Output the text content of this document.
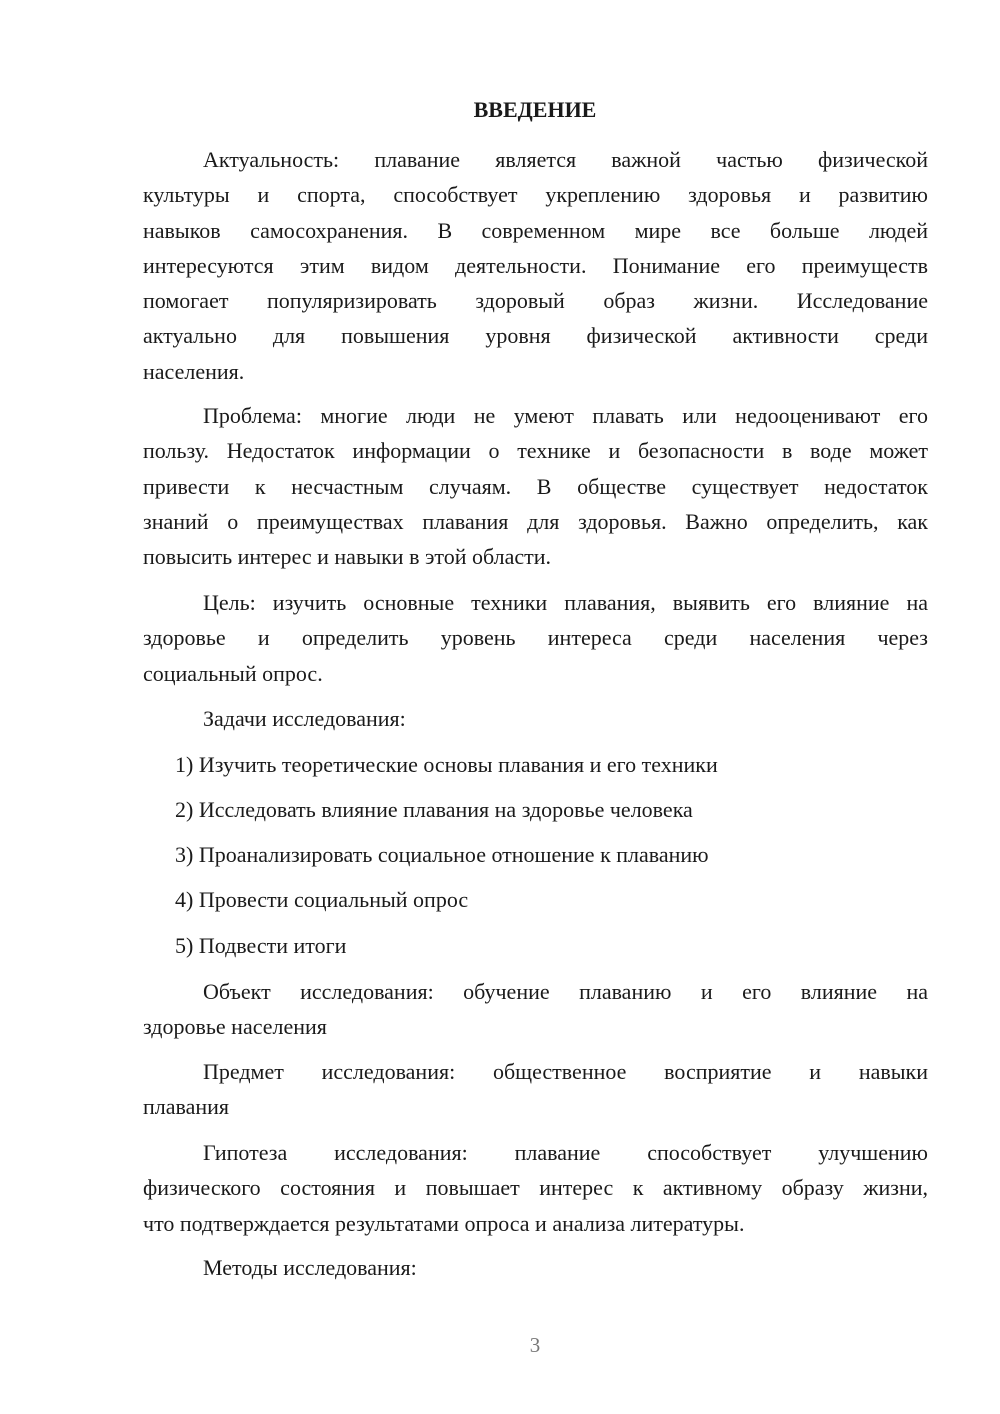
ВВЕДЕНИЕ
Актуальность: плавание является важной частью физической
культуры и спорта, способствует укреплению здоровья и развитию
навыков самосохранения. В современном мире все больше людей
интересуются этим видом деятельности. Понимание его преимуществ
помогает популяризировать здоровый образ жизни. Исследование
актуально для повышения уровня физической активности среди
населения.
Проблема: многие люди не умеют плавать или недооценивают его
пользу. Недостаток информации о технике и безопасности в воде может
привести к несчастным случаям. В обществе существует недостаток
знаний о преимуществах плавания для здоровья. Важно определить, как
повысить интерес и навыки в этой области.
Цель: изучить основные техники плавания, выявить его влияние на
здоровье и определить уровень интереса среди населения через
социальный опрос.
Задачи исследования:
1) Изучить теоретические основы плавания и его техники
2) Исследовать влияние плавания на здоровье человека
3) Проанализировать социальное отношение к плаванию
4) Провести социальный опрос
5) Подвести итоги
Объект исследования: обучение плаванию и его влияние на
здоровье населения
Предмет исследования: общественное восприятие и навыки
плавания
Гипотеза исследования: плавание способствует улучшению
физического состояния и повышает интерес к активному образу жизни,
что подтверждается результатами опроса и анализа литературы.
Методы исследования:
3
